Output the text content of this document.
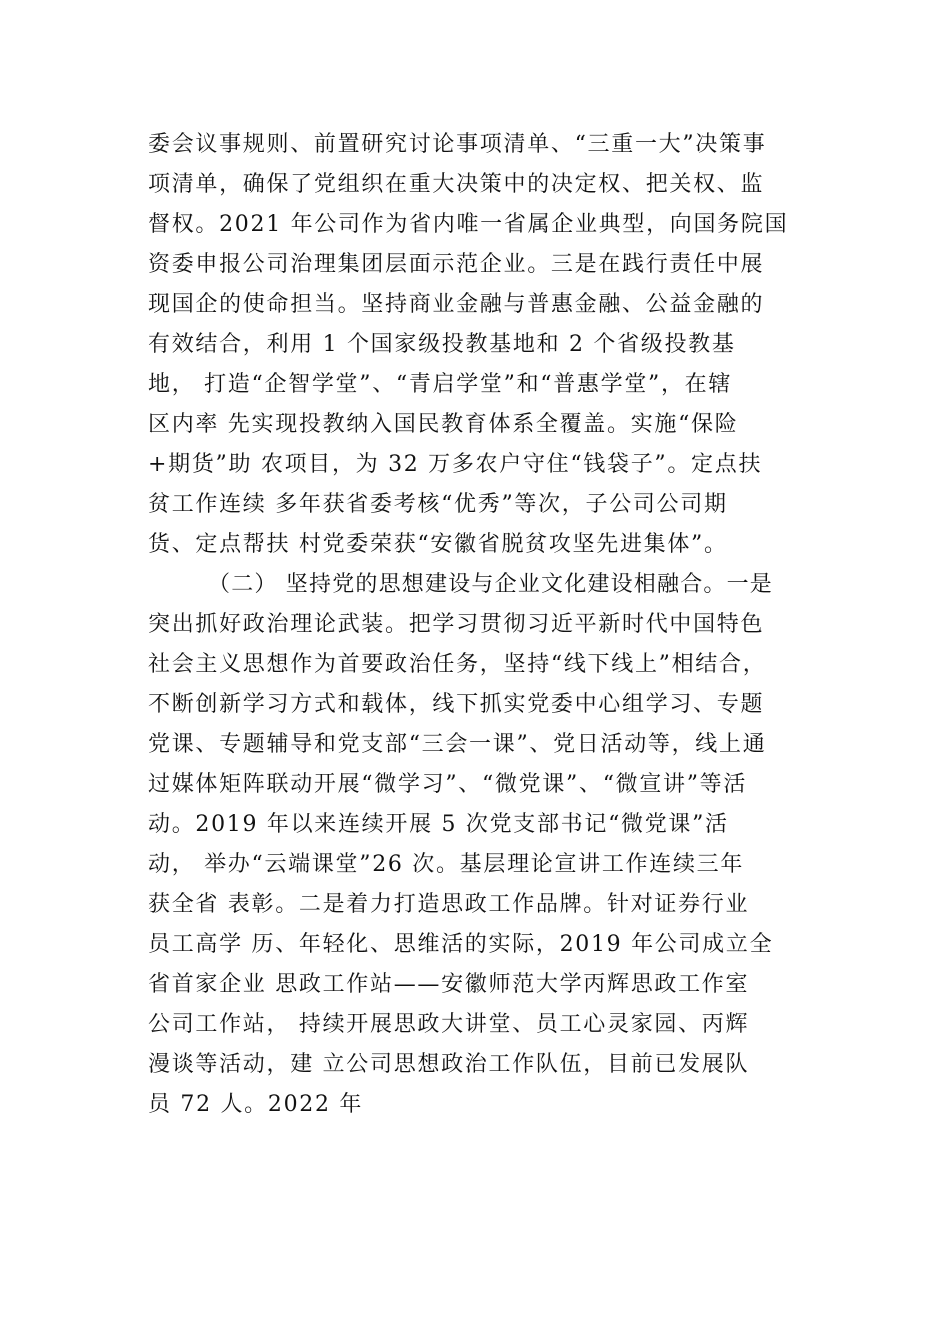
委会议事规则、前置研究讨论事项清单、“三重一大”决策事
项清单，确保了党组织在重大决策中的决定权、把关权、监
督权。2021 年公司作为省内唯一省属企业典型，向国务院国
资委申报公司治理集团层面示范企业。三是在践行责任中展
现国企的使命担当。坚持商业金融与普惠金融、公益金融的
有效结合，利用 1 个国家级投教基地和 2 个省级投教基
地， 打造“企智学堂”、“青启学堂”和“普惠学堂”，在辖
区内率 先实现投教纳入国民教育体系全覆盖。实施“保险
+期货”助 农项目，为 32 万多农户守住“钱袋子”。定点扶
贫工作连续 多年获省委考核“优秀”等次，子公司公司期
货、定点帮扶 村党委荣获“安徽省脱贫攻坚先进集体”。
（二） 坚持党的思想建设与企业文化建设相融合。一是
突出抓好政治理论武装。把学习贯彻习近平新时代中国特色
社会主义思想作为首要政治任务，坚持“线下线上”相结合，
不断创新学习方式和载体，线下抓实党委中心组学习、专题
党课、专题辅导和党支部“三会一课”、党日活动等，线上通
过媒体矩阵联动开展“微学习”、“微党课”、“微宣讲”等活
动。2019 年以来连续开展 5 次党支部书记“微党课”活
动， 举办“云端课堂”26 次。基层理论宣讲工作连续三年
获全省 表彰。二是着力打造思政工作品牌。针对证券行业
员工高学 历、年轻化、思维活的实际，2019 年公司成立全
省首家企业 思政工作站——安徽师范大学丙辉思政工作室
公司工作站， 持续开展思政大讲堂、员工心灵家园、丙辉
漫谈等活动，建 立公司思想政治工作队伍，目前已发展队
员 72 人。2022 年
